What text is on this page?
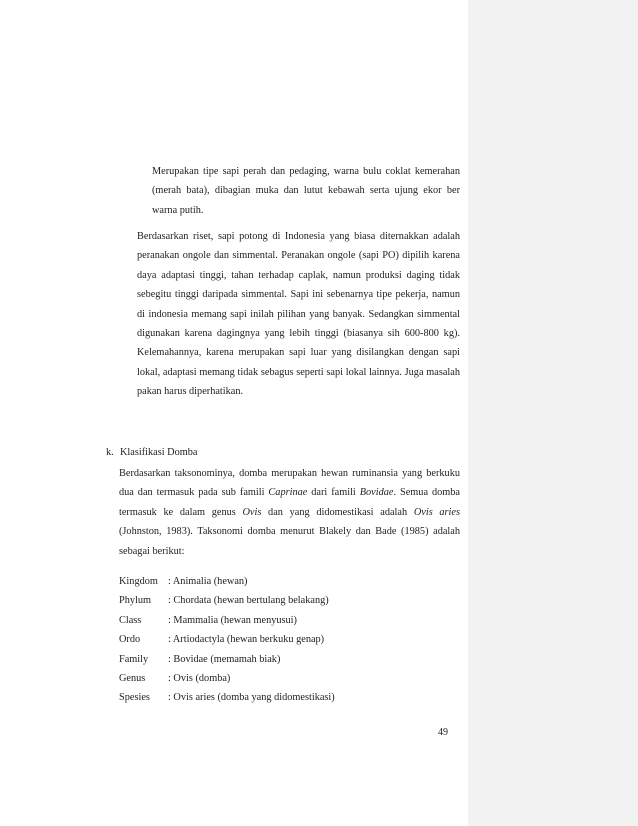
Merupakan tipe sapi perah dan pedaging, warna bulu coklat kemerahan (merah bata), dibagian muka dan lutut kebawah serta ujung ekor ber warna putih.

Berdasarkan riset, sapi potong di Indonesia yang biasa diternakkan adalah peranakan ongole dan simmental. Peranakan ongole (sapi PO) dipilih karena daya adaptasi tinggi, tahan terhadap caplak, namun produksi daging tidak sebegitu tinggi daripada simmental. Sapi ini sebenarnya tipe pekerja, namun di indonesia memang sapi inilah pilihan yang banyak. Sedangkan simmental digunakan karena dagingnya yang lebih tinggi (biasanya sih 600-800 kg). Kelemahannya, karena merupakan sapi luar yang disilangkan dengan sapi lokal, adaptasi memang tidak sebagus seperti sapi lokal lainnya. Juga masalah pakan harus diperhatikan.

k. Klasifikasi Domba

Berdasarkan taksonominya, domba merupakan hewan ruminansia yang berkuku dua dan termasuk pada sub famili Caprinae dari famili Bovidae. Semua domba termasuk ke dalam genus Ovis dan yang didomestikasi adalah Ovis aries (Johnston, 1983). Taksonomi domba menurut Blakely dan Bade (1985) adalah sebagai berikut:

Kingdom : Animalia (hewan)
Phylum	: Chordata (hewan bertulang belakang)
Class	: Mammalia (hewan menyusui)
Ordo	: Artiodactyla (hewan berkuku genap)
Family	: Bovidae (memamah biak)
Genus	: Ovis (domba)
Spesies	: Ovis aries (domba yang didomestikasi)
49
